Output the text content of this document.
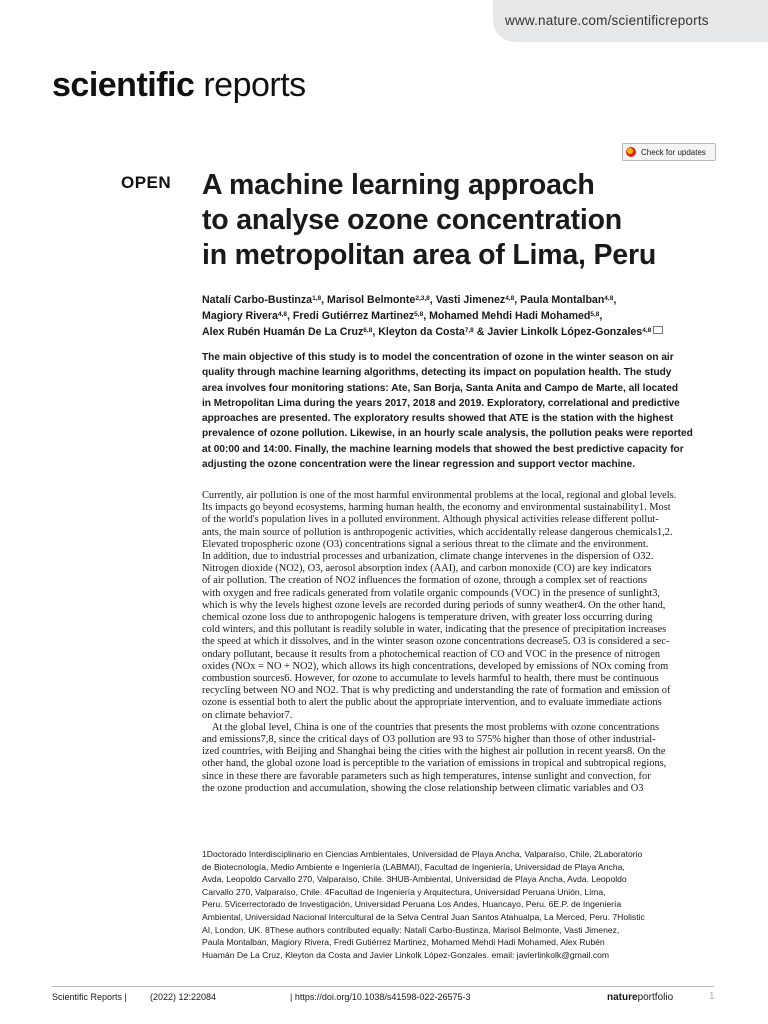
www.nature.com/scientificreports
scientific reports
Check for updates
OPEN A machine learning approach
to analyse ozone concentration
in metropolitan area of Lima, Peru
Natalí Carbo-Bustinza$^{1,8}$, Marisol Belmonte$^{2,3,8}$, Vasti Jimenez$^{4,8}$, Paula Montalban$^{4,8}$,
Magiory Rivera$^{4,8}$, Fredi Gutiérrez Martinez$^{5,8}$, Mohamed Mehdi Hadi Mohamed$^{5,8}$,
Alex Rubén Huamán De La Cruz$^{6,8}$, Kleyton da Costa$^{7,8}$ & Javier Linkolk López-Gonzales$^{4,8}$
The main objective of this study is to model the concentration of ozone in the winter season on air
quality through machine learning algorithms, detecting its impact on population health. The study
area involves four monitoring stations: Ate, San Borja, Santa Anita and Campo de Marte, all located
in Metropolitan Lima during the years 2017, 2018 and 2019. Exploratory, correlational and predictive
approaches are presented. The exploratory results showed that ATE is the station with the highest
prevalence of ozone pollution. Likewise, in an hourly scale analysis, the pollution peaks were reported
at 00:00 and 14:00. Finally, the machine learning models that showed the best predictive capacity for
adjusting the ozone concentration were the linear regression and support vector machine.
Currently, air pollution is one of the most harmful environmental problems at the local, regional and global levels.
Its impacts go beyond ecosystems, harming human health, the economy and environmental sustainability1. Most
of the world's population lives in a polluted environment. Although physical activities release different pollut-
ants, the main source of pollution is anthropogenic activities, which accidentally release dangerous chemicals1,2.
Elevated tropospheric ozone (O3) concentrations signal a serious threat to the climate and the environment.
In addition, due to industrial processes and urbanization, climate change intervenes in the dispersion of O32.
Nitrogen dioxide (NO2), O3, aerosol absorption index (AAI), and carbon monoxide (CO) are key indicators
of air pollution. The creation of NO2 influences the formation of ozone, through a complex set of reactions
with oxygen and free radicals generated from volatile organic compounds (VOC) in the presence of sunlight3,
which is why the levels highest ozone levels are recorded during periods of sunny weather4. On the other hand,
chemical ozone loss due to anthropogenic halogens is temperature driven, with greater loss occurring during
cold winters, and this pollutant is readily soluble in water, indicating that the presence of precipitation increases
the speed at which it dissolves, and in the winter season ozone concentrations decrease5. O3 is considered a sec-
ondary pollutant, because it results from a photochemical reaction of CO and VOC in the presence of nitrogen
oxides (NOx = NO + NO2), which allows its high concentrations, developed by emissions of NOx coming from
combustion sources6. However, for ozone to accumulate to levels harmful to health, there must be continuous
recycling between NO and NO2. That is why predicting and understanding the rate of formation and emission of
ozone is essential both to alert the public about the appropriate intervention, and to evaluate immediate actions
on climate behavior7.
At the global level, China is one of the countries that presents the most problems with ozone concentrations
and emissions7,8, since the critical days of O3 pollution are 93 to 575% higher than those of other industrial-
ized countries, with Beijing and Shanghai being the cities with the highest air pollution in recent years8. On the
other hand, the global ozone load is perceptible to the variation of emissions in tropical and subtropical regions,
since in these there are favorable parameters such as high temperatures, intense sunlight and convection, for
the ozone production and accumulation, showing the close relationship between climatic variables and O3
1Doctorado Interdisciplinario en Ciencias Ambientales, Universidad de Playa Ancha, Valparaíso, Chile. 2Laboratorio
de Biotecnología, Medio Ambiente e Ingeniería (LABMAI), Facultad de Ingeniería, Universidad de Playa Ancha,
Avda. Leopoldo Carvallo 270, Valparaíso, Chile. 3HUB-Ambiental, Universidad de Playa Ancha, Avda. Leopoldo
Carvallo 270, Valparaíso, Chile. 4Facultad de Ingeniería y Arquitectura, Universidad Peruana Unión, Lima,
Peru. 5Vicerrectorado de Investigación, Universidad Peruana Los Andes, Huancayo, Peru. 6E.P. de Ingeniería
Ambiental, Universidad Nacional Intercultural de la Selva Central Juan Santos Atahualpa, La Merced, Peru. 7Holistic
AI, London, UK. 8These authors contributed equally: Natalí Carbo-Bustinza, Marisol Belmonte, Vasti Jimenez,
Paula Montalban, Magiory Rivera, Fredi Gutiérrez Martinez, Mohamed Mehdi Hadi Mohamed, Alex Rubén
Huamán De La Cruz, Kleyton da Costa and Javier Linkolk López-Gonzales. email: javierlinkolk@gmail.com
Scientific Reports |	(2022) 12:22084	| https://doi.org/10.1038/s41598-022-26575-3	natureportfolio	1
